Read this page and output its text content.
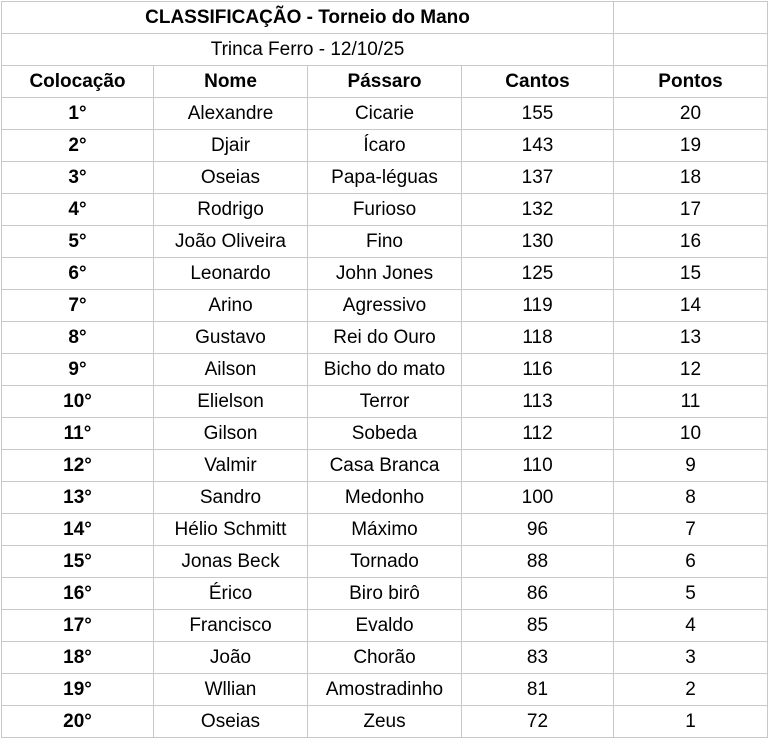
CLASSIFICAÇÃO - Torneio do Mano				
Trinca Ferro - 12/10/25				
Colocação	Nome	Pássaro	Cantos	Pontos
1°	Alexandre	Cicarie	155	20
2°	Djair	Ícaro	143	19
3°	Oseias	Papa-léguas	137	18
4°	Rodrigo	Furioso	132	17
5°	João Oliveira	Fino	130	16
6°	Leonardo	John Jones	125	15
7°	Arino	Agressivo	119	14
8°	Gustavo	Rei do Ouro	118	13
9°	Ailson	Bicho do mato	116	12
10°	Elielson	Terror	113	11
11°	Gilson	Sobeda	112	10
12°	Valmir	Casa Branca	110	9
13°	Sandro	Medonho	100	8
14°	Hélio Schmitt	Máximo	96	7
15°	Jonas Beck	Tornado	88	6
16°	Érico	Biro birô	86	5
17°	Francisco	Evaldo	85	4
18°	João	Chorão	83	3
19°	Wllian	Amostradinho	81	2
20°	Oseias	Zeus	72	1
